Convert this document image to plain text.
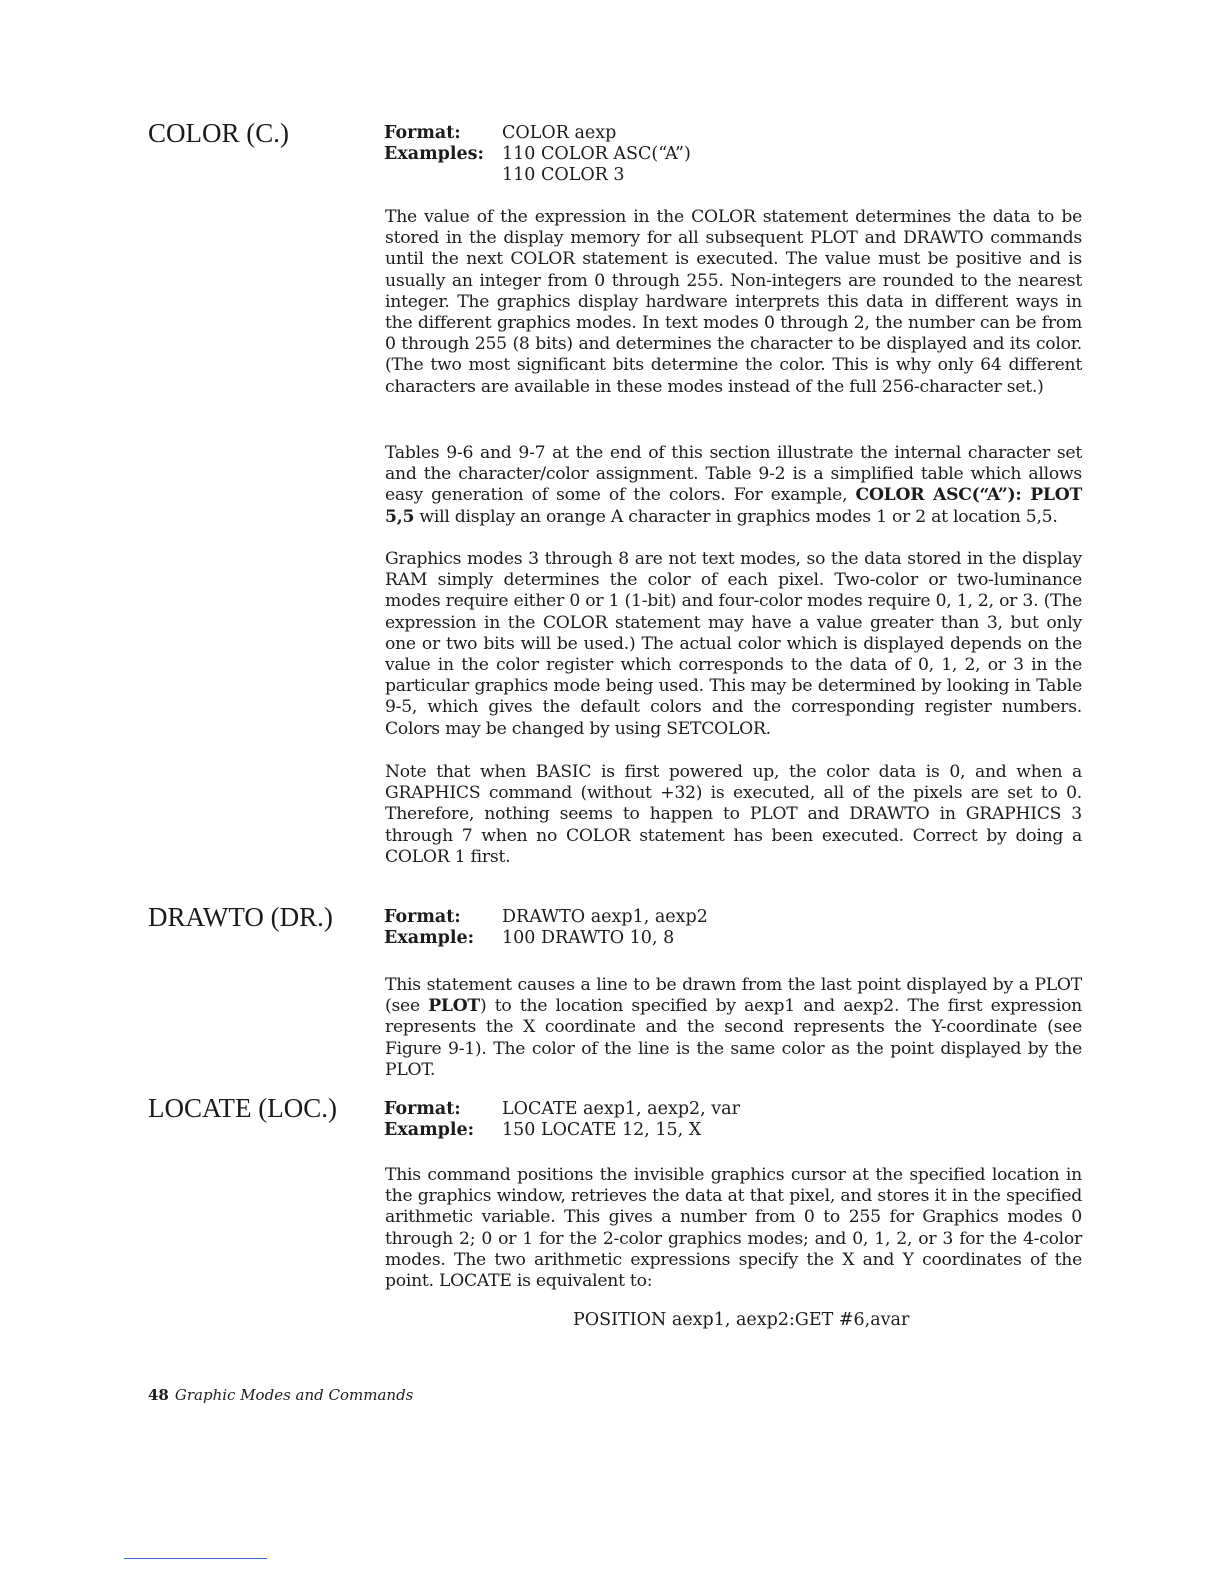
COLOR (C.)	Format:	COLOR aexp
Examples:	110 COLOR ASC(“A”)
110 COLOR 3

The value of the expression in the COLOR statement determines the data to be stored in the display memory for all subsequent PLOT and DRAWTO commands until the next COLOR statement is executed. The value must be positive and is usually an integer from 0 through 255. Non-integers are rounded to the nearest integer. The graphics display hardware interprets this data in different ways in the different graphics modes. In text modes 0 through 2, the number can be from 0 through 255 (8 bits) and determines the character to be displayed and its color. (The two most significant bits determine the color. This is why only 64 different characters are available in these modes instead of the full 256-character set.)

Tables 9-6 and 9-7 at the end of this section illustrate the internal character set and the character/color assignment. Table 9-2 is a simplified table which allows easy generation of some of the colors. For example, COLOR ASC(“A”): PLOT 5,5 will display an orange A character in graphics modes 1 or 2 at location 5,5.

Graphics modes 3 through 8 are not text modes, so the data stored in the display RAM simply determines the color of each pixel. Two-color or two-luminance modes require either 0 or 1 (1-bit) and four-color modes require 0, 1, 2, or 3. (The expression in the COLOR statement may have a value greater than 3, but only one or two bits will be used.) The actual color which is displayed depends on the value in the color register which corresponds to the data of 0, 1, 2, or 3 in the particular graphics mode being used. This may be determined by looking in Table 9-5, which gives the default colors and the corresponding register numbers. Colors may be changed by using SETCOLOR.

Note that when BASIC is first powered up, the color data is 0, and when a GRAPHICS command (without +32) is executed, all of the pixels are set to 0. Therefore, nothing seems to happen to PLOT and DRAWTO in GRAPHICS 3 through 7 when no COLOR statement has been executed. Correct by doing a COLOR 1 first.

DRAWTO (DR.)	Format:	DRAWTO aexp1, aexp2
Example:	100 DRAWTO 10, 8

This statement causes a line to be drawn from the last point displayed by a PLOT (see PLOT) to the location specified by aexp1 and aexp2. The first expression represents the X coordinate and the second represents the Y-coordinate (see Figure 9-1). The color of the line is the same color as the point displayed by the PLOT.

LOCATE (LOC.)	Format:	LOCATE aexp1, aexp2, var
Example:	150 LOCATE 12, 15, X

This command positions the invisible graphics cursor at the specified location in the graphics window, retrieves the data at that pixel, and stores it in the specified arithmetic variable. This gives a number from 0 to 255 for Graphics modes 0 through 2; 0 or 1 for the 2-color graphics modes; and 0, 1, 2, or 3 for the 4-color modes. The two arithmetic expressions specify the X and Y coordinates of the point. LOCATE is equivalent to:

POSITION aexp1, aexp2:GET #6,avar

48 Graphic Modes and Commands
